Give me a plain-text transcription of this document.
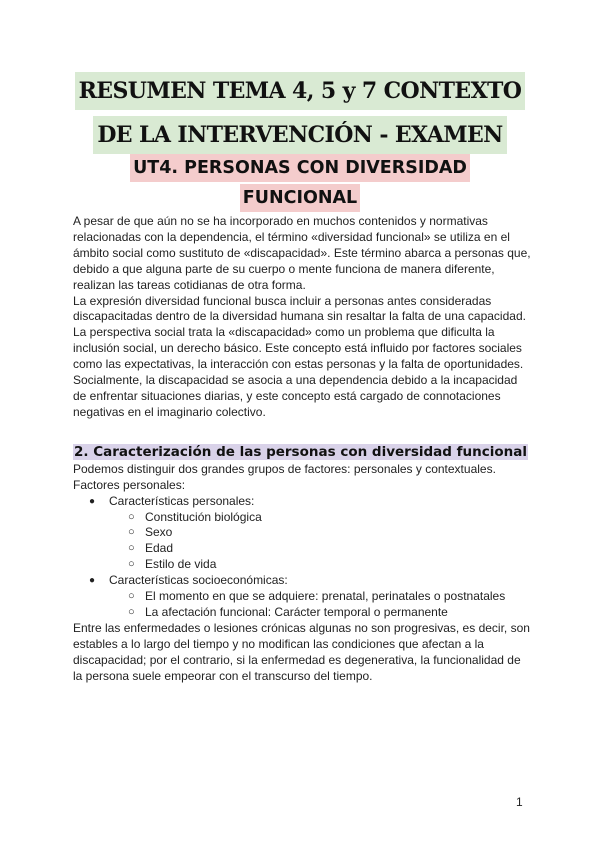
RESUMEN TEMA 4, 5 y 7 CONTEXTO
DE LA INTERVENCIÓN - EXAMEN
UT4. PERSONAS CON DIVERSIDAD
FUNCIONAL

A pesar de que aún no se ha incorporado en muchos contenidos y normativas relacionadas con la dependencia, el término «diversidad funcional» se utiliza en el ámbito social como sustituto de «discapacidad». Este término abarca a personas que, debido a que alguna parte de su cuerpo o mente funciona de manera diferente, realizan las tareas cotidianas de otra forma.

La expresión diversidad funcional busca incluir a personas antes consideradas discapacitadas dentro de la diversidad humana sin resaltar la falta de una capacidad. La perspectiva social trata la «discapacidad» como un problema que dificulta la inclusión social, un derecho básico. Este concepto está influido por factores sociales como las expectativas, la interacción con estas personas y la falta de oportunidades.

Socialmente, la discapacidad se asocia a una dependencia debido a la incapacidad de enfrentar situaciones diarias, y este concepto está cargado de connotaciones negativas en el imaginario colectivo.

2. Caracterización de las personas con diversidad funcional

Podemos distinguir dos grandes grupos de factores: personales y contextuales.

Factores personales:

● Características personales:
○ Constitución biológica
○ Sexo
○ Edad
○ Estilo de vida
● Características socioeconómicas:
○ El momento en que se adquiere: prenatal, perinatales o postnatales
○ La afectación funcional: Carácter temporal o permanente

Entre las enfermedades o lesiones crónicas algunas no son progresivas, es decir, son estables a lo largo del tiempo y no modifican las condiciones que afectan a la discapacidad; por el contrario, si la enfermedad es degenerativa, la funcionalidad de la persona suele empeorar con el transcurso del tiempo.

1
